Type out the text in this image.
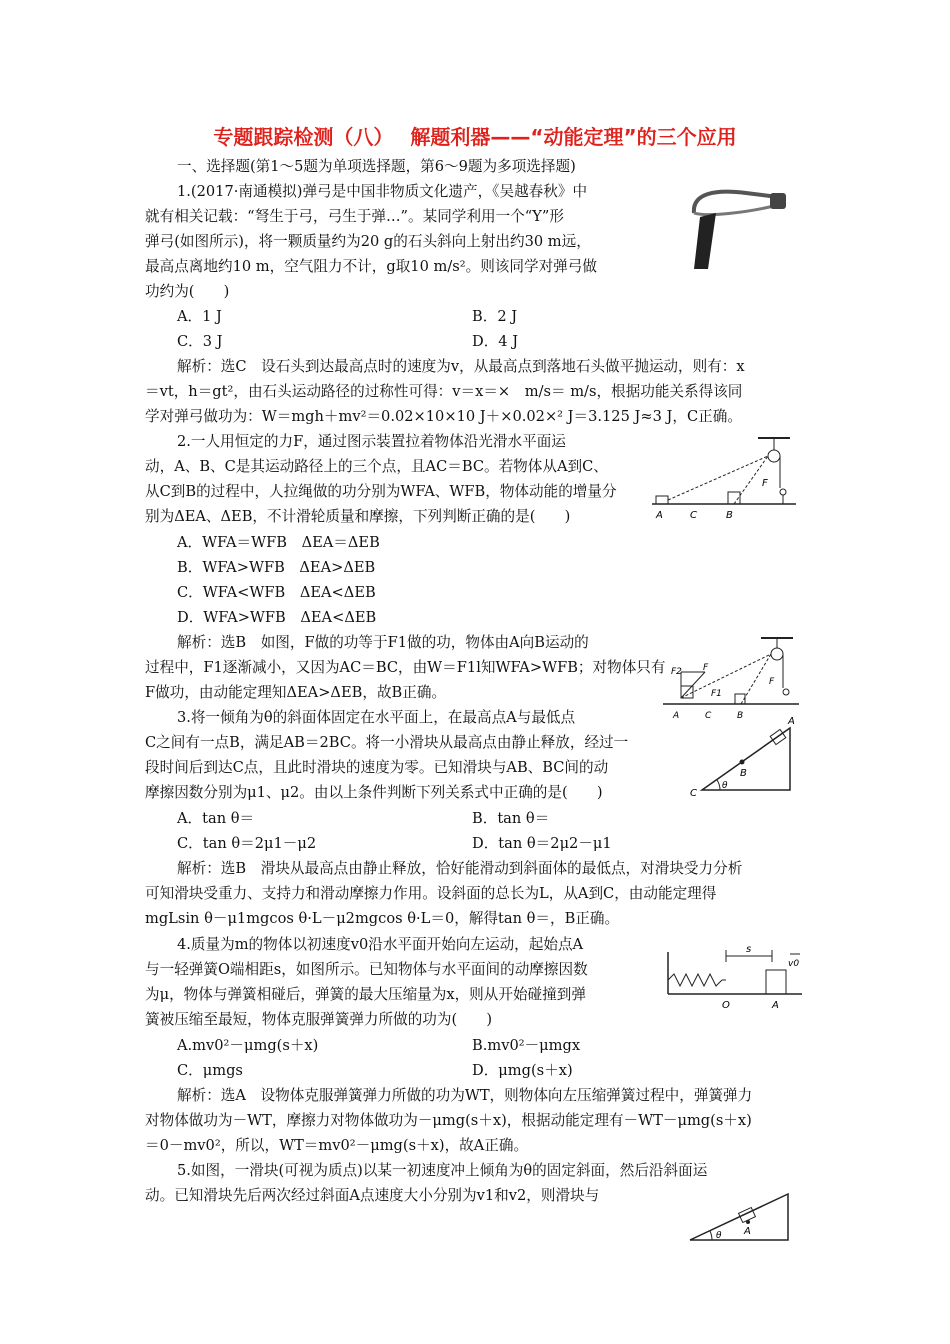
专题跟踪检测（八）　 解题利器——“动能定理”的三个应用
一、选择题(第1～5题为单项选择题，第6～9题为多项选择题)
1.(2017·南通模拟)弹弓是中国非物质文化遗产，《吴越春秋》中
就有相关记载：“弩生于弓，弓生于弹…”。某同学利用一个“Y”形
弹弓(如图所示)，将一颗质量约为20 g的石头斜向上射出约30 m远，
最高点离地约10 m，空气阻力不计，g取10 m/s²。则该同学对弹弓做
功约为(　　)
A．1 J	B．2 J
C．3 J	D．4 J
解析：选C　设石头到达最高点时的速度为v，从最高点到落地石头做平抛运动，则有：x
＝vt，h＝gt²，由石头运动路径的过称性可得：v＝x＝×　m/s＝ m/s，根据功能关系得该同
学对弹弓做功为：W＝mgh＋mv²＝0.02×10×10 J＋×0.02×² J＝3.125 J≈3 J，C正确。
2.一人用恒定的力F，通过图示装置拉着物体沿光滑水平面运
动，A、B、C是其运动路径上的三个点，且AC＝BC。若物体从A到C、
从C到B的过程中，人拉绳做的功分别为WFA、WFB，物体动能的增量分
别为ΔEA、ΔEB，不计滑轮质量和摩擦，下列判断正确的是(　　)
A．WFA＝WFB　ΔEA＝ΔEB
B．WFA>WFB　ΔEA>ΔEB
C．WFA<WFB　ΔEA<ΔEB
D．WFA>WFB　ΔEA<ΔEB
解析：选B　如图，F做的功等于F1做的功，物体由A向B运动的
过程中，F1逐渐减小，又因为AC＝BC，由W＝F1l知WFA>WFB；对物体只有
F做功，由动能定理知ΔEA>ΔEB，故B正确。
F
A	C	B
F2 F
F1
F
A	C	B
3.将一倾角为θ的斜面体固定在水平面上，在最高点A与最低点
C之间有一点B，满足AB＝2BC。将一小滑块从最高点由静止释放，经过一
段时间后到达C点，且此时滑块的速度为零。已知滑块与AB、BC间的动
摩擦因数分别为μ1、μ2。由以上条件判断下列关系式中正确的是(　　)
A．tan θ＝	B．tan θ＝
C．tan θ＝2μ1－μ2	D．tan θ＝2μ2－μ1
解析：选B　滑块从最高点由静止释放，恰好能滑动到斜面体的最低点，对滑块受力分析
可知滑块受重力、支持力和滑动摩擦力作用。设斜面的总长为L，从A到C，由动能定理得
mgLsin θ－μ1mgcos θ·L－μ2mgcos θ·L＝0，解得tan θ＝，B正确。
A
B
C
θ
4.质量为m的物体以初速度v0沿水平面开始向左运动，起始点A
与一轻弹簧O端相距s，如图所示。已知物体与水平面间的动摩擦因数
为μ，物体与弹簧相碰后，弹簧的最大压缩量为x，则从开始碰撞到弹
簧被压缩至最短，物体克服弹簧弹力所做的功为(　　)
A.mv0²－μmg(s＋x)	B.mv0²－μmgx
C．μmgs	D．μmg(s＋x)
解析：选A　设物体克服弹簧弹力所做的功为WT，则物体向左压缩弹簧过程中，弹簧弹力
对物体做功为－WT，摩擦力对物体做功为－μmg(s＋x)，根据动能定理有－WT－μmg(s＋x)
＝0－mv0²，所以，WT＝mv0²－μmg(s＋x)，故A正确。
s
v0
O	A
5.如图，一滑块(可视为质点)以某一初速度冲上倾角为θ的固定斜面，然后沿斜面运
动。已知滑块先后两次经过斜面A点速度大小分别为v1和v2，则滑块与
A
θ
